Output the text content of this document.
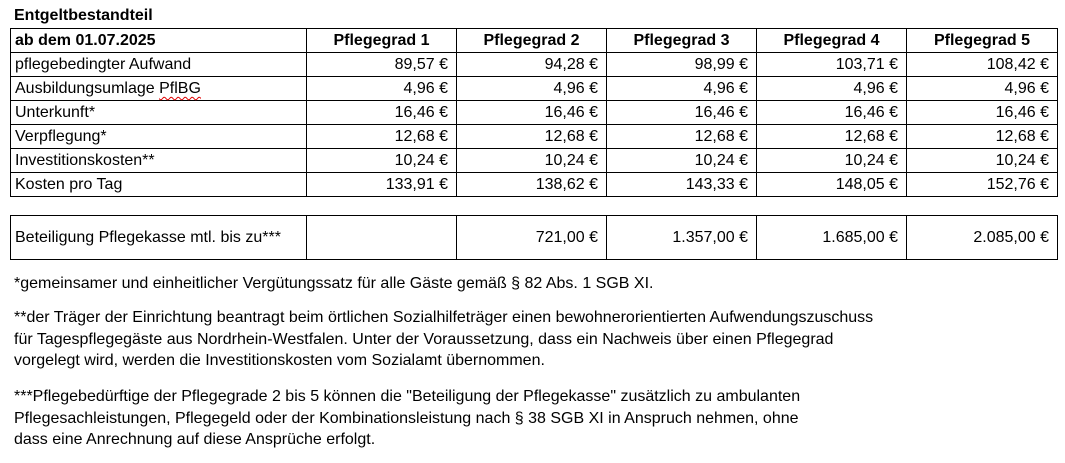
Entgeltbestandteil
ab dem 01.07.2025	Pflegegrad 1	Pflegegrad 2	Pflegegrad 3	Pflegegrad 4	Pflegegrad 5
pflegebedingter Aufwand	89,57 €	94,28 €	98,99 €	103,71 €	108,42 €
Ausbildungsumlage PflBG	4,96 €	4,96 €	4,96 €	4,96 €	4,96 €
Unterkunft*	16,46 €	16,46 €	16,46 €	16,46 €	16,46 €
Verpflegung*	12,68 €	12,68 €	12,68 €	12,68 €	12,68 €
Investitionskosten**	10,24 €	10,24 €	10,24 €	10,24 €	10,24 €
Kosten pro Tag	133,91 €	138,62 €	143,33 €	148,05 €	152,76 €
Beteiligung Pflegekasse mtl. bis zu***		721,00 €	1.357,00 €	1.685,00 €	2.085,00 €

*gemeinsamer und einheitlicher Vergütungssatz für alle Gäste gemäß § 82 Abs. 1 SGB XI.

**der Träger der Einrichtung beantragt beim örtlichen Sozialhilfeträger einen bewohnerorientierten Aufwendungszuschuss

für Tagespflegegäste aus Nordrhein-Westfalen. Unter der Voraussetzung, dass ein Nachweis über einen Pflegegrad

vorgelegt wird, werden die Investitionskosten vom Sozialamt übernommen.

***Pflegebedürftige der Pflegegrade 2 bis 5 können die "Beteiligung der Pflegekasse" zusätzlich zu ambulanten

Pflegesachleistungen, Pflegegeld oder der Kombinationsleistung nach § 38 SGB XI in Anspruch nehmen, ohne

dass eine Anrechnung auf diese Ansprüche erfolgt.
